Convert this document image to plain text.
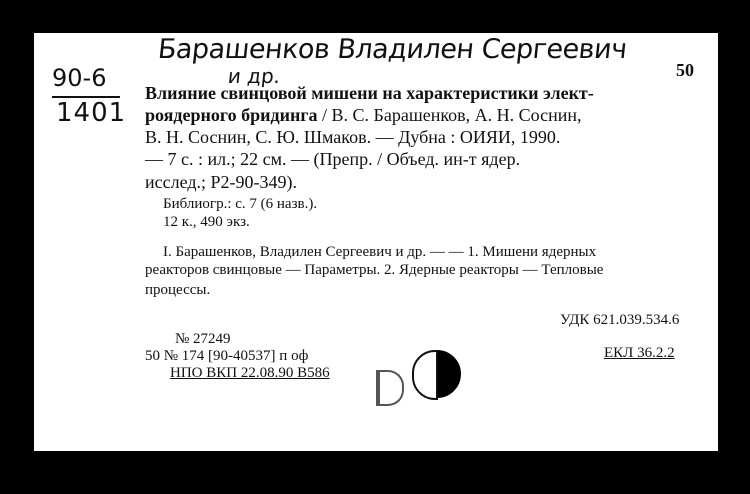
Барашенков Владилен Сергеевич
и др.
90-6
1401
50
Влияние свинцовой мишени на характеристики элект-
роядерного бридинга / В. С. Барашенков, А. Н. Соснин,
В. Н. Соснин, С. Ю. Шмаков. — Дубна : ОИЯИ, 1990.
— 7 с. : ил.; 22 см. — (Препр. / Объед. ин-т ядер.
исслед.; Р2-90-349).
Библиогр.: с. 7 (6 назв.).
12 к., 490 экз.
I. Барашенков, Владилен Сергеевич и др. — — 1. Мишени ядерных
реакторов свинцовые — Параметры. 2. Ядерные реакторы — Тепловые
процессы.
УДК 621.039.534.6
№ 27249
50 № 174 [90-40537] п оф
НПО ВКП 22.08.90 В586
ЕКЛ 36.2.2
